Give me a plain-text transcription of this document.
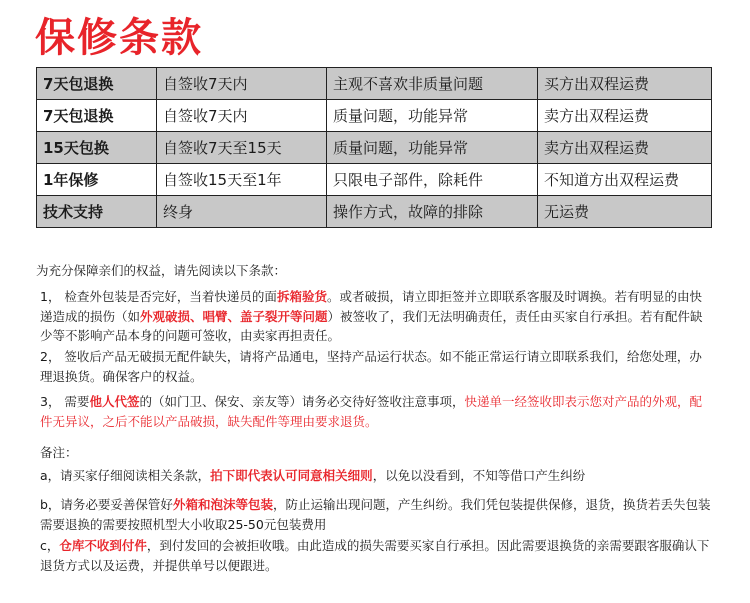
保修条款
7天包退换	自签收7天内	主观不喜欢非质量问题	买方出双程运费
7天包退换	自签收7天内	质量问题，功能异常	卖方出双程运费
15天包换	自签收7天至15天	质量问题，功能异常	卖方出双程运费
1年保修	自签收15天至1年	只限电子部件，除耗件	不知道方出双程运费
技术支持	终身	操作方式，故障的排除	无运费
为充分保障亲们的权益，请先阅读以下条款：
1， 检查外包装是否完好，当着快递员的面拆箱验货。或者破损，请立即拒签并立即联系客服及时调换。若有明显的由快递造成的损伤（如外观破损、唱臂、盖子裂开等问题）被签收了，我们无法明确责任，责任由买家自行承担。若有配件缺少等不影响产品本身的问题可签收，由卖家再担责任。
2， 签收后产品无破损无配件缺失，请将产品通电，坚持产品运行状态。如不能正常运行请立即联系我们，给您处理，办理退换货。确保客户的权益。
3， 需要他人代签的（如门卫、保安、亲友等）请务必交待好签收注意事项，快递单一经签收即表示您对产品的外观，配件无异议，之后不能以产品破损，缺失配件等理由要求退货。
备注：
a，请买家仔细阅读相关条款，拍下即代表认可同意相关细则，以免以没看到，不知等借口产生纠纷
b，请务必要妥善保管好外箱和泡沫等包装，防止运输出现问题，产生纠纷。我们凭包装提供保修，退货，换货若丢失包装需要退换的需要按照机型大小收取25-50元包装费用
c，仓库不收到付件，到付发回的会被拒收哦。由此造成的损失需要买家自行承担。因此需要退换货的亲需要跟客服确认下退货方式以及运费，并提供单号以便跟进。
